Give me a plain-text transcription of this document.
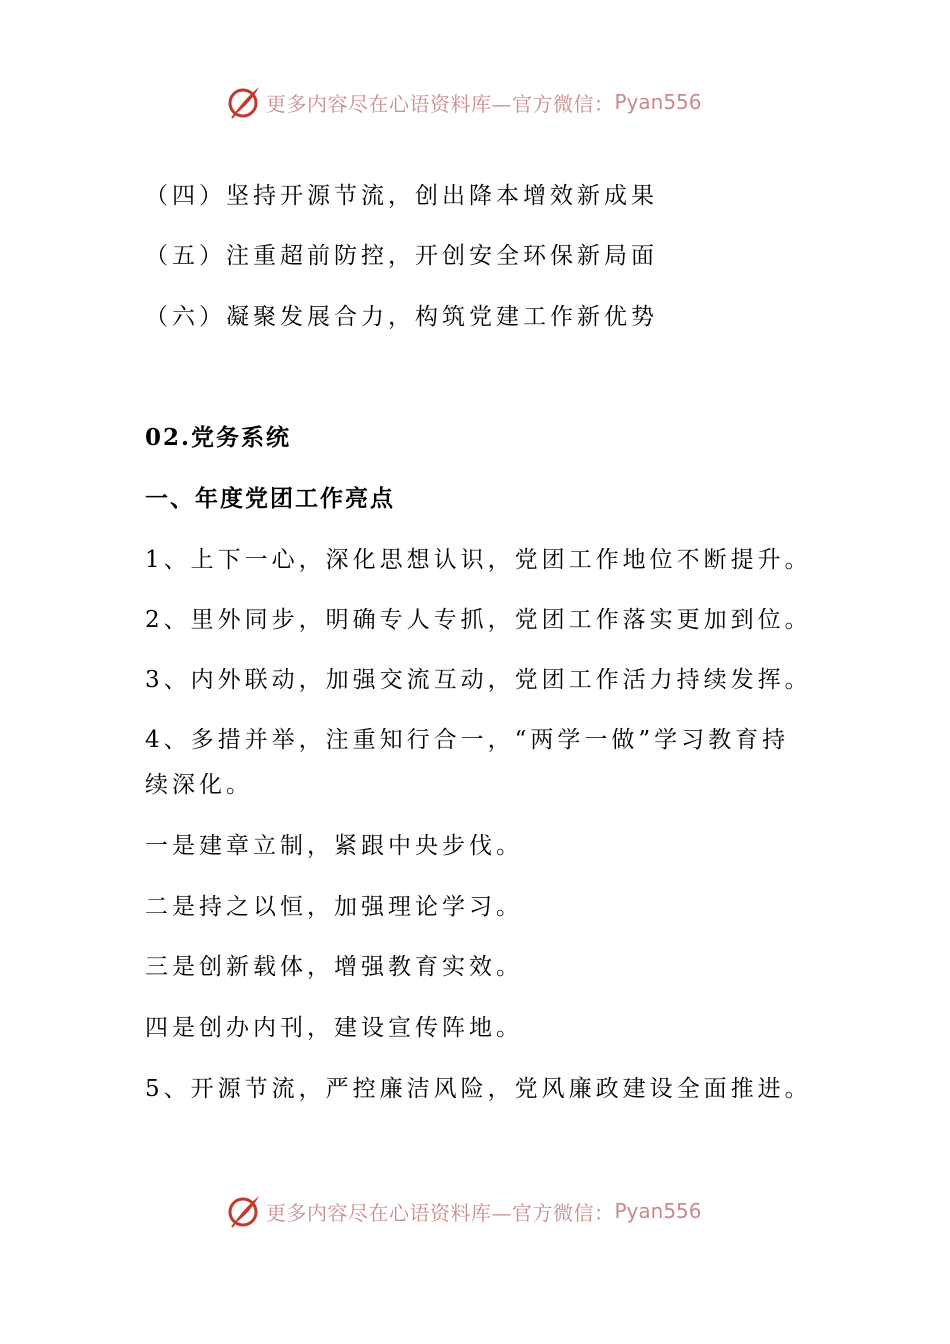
更多内容尽在心语资料库—官方微信： Pyan556
（四）坚持开源节流，创出降本增效新成果
（五）注重超前防控，开创安全环保新局面
（六）凝聚发展合力，构筑党建工作新优势
02.党务系统
一、年度党团工作亮点
1、上下一心，深化思想认识，党团工作地位不断提升。
2、里外同步，明确专人专抓，党团工作落实更加到位。
3、内外联动，加强交流互动，党团工作活力持续发挥。
4、多措并举，注重知行合一，“两学一做”学习教育持续深化。
一是建章立制，紧跟中央步伐。
二是持之以恒，加强理论学习。
三是创新载体，增强教育实效。
四是创办内刊，建设宣传阵地。
5、开源节流，严控廉洁风险，党风廉政建设全面推进。
更多内容尽在心语资料库—官方微信： Pyan556
